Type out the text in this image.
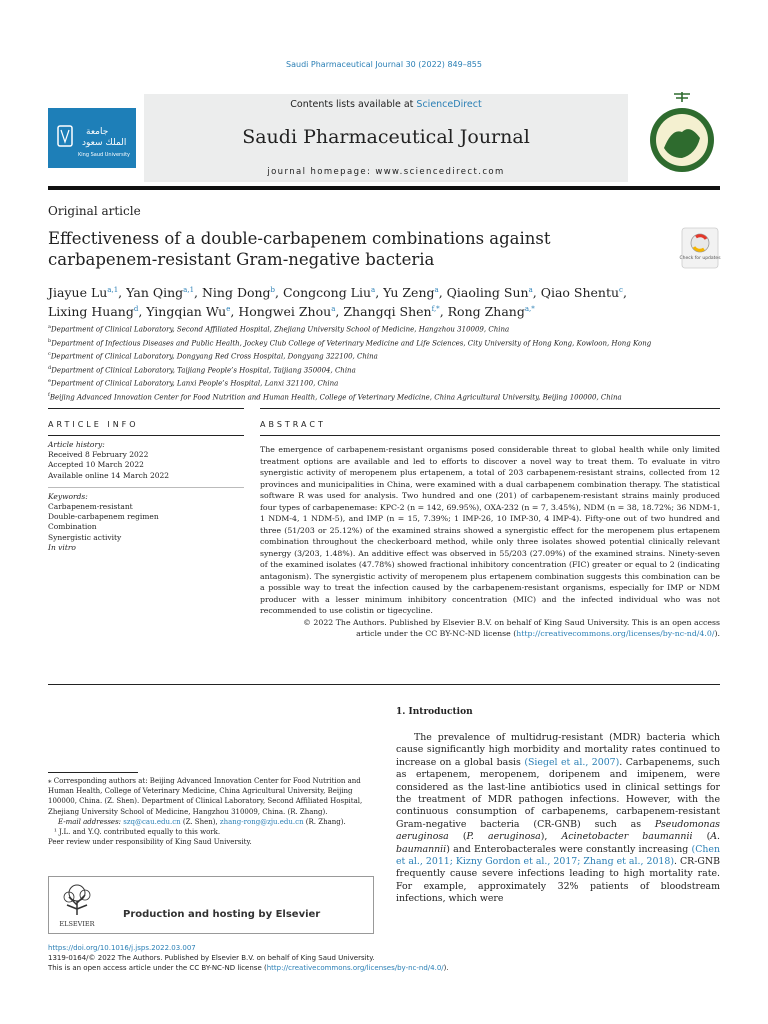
Saudi Pharmaceutical Journal 30 (2022) 849–855
جامعة
الملك سعود
King Saud University
Contents lists available at ScienceDirect
Saudi Pharmaceutical Journal
journal homepage: www.sciencedirect.com
Original article
Effectiveness of a double-carbapenem combinations against carbapenem-resistant Gram-negative bacteria	Check for updates
Jiayue Lu$^{a,1}$, Yan Qing$^{a,1}$, Ning Dong$^b$, Congcong Liu$^a$, Yu Zeng$^a$, Qiaoling Sun$^a$, Qiao Shentu$^c$,
Lixing Huang$^d$, Yingqian Wu$^e$, Hongwei Zhou$^a$, Zhangqi Shen$^{f,*}$, Rong Zhang$^{a,*}$
$^a$Department of Clinical Laboratory, Second Affiliated Hospital, Zhejiang University School of Medicine, Hangzhou 310009, China
$^b$Department of Infectious Diseases and Public Health, Jockey Club College of Veterinary Medicine and Life Sciences, City University of Hong Kong, Kowloon, Hong Kong
$^c$Department of Clinical Laboratory, Dongyang Red Cross Hospital, Dongyang 322100, China
$^d$Department of Clinical Laboratory, Taijiang People’s Hospital, Taijiang 350004, China
$^e$Department of Clinical Laboratory, Lanxi People’s Hospital, Lanxi 321100, China
$^f$Beijing Advanced Innovation Center for Food Nutrition and Human Health, College of Veterinary Medicine, China Agricultural University, Beijing 100000, China
ARTICLE INFO
Article history:
Received 8 February 2022
Accepted 10 March 2022
Available online 14 March 2022
Keywords:
Carbapenem-resistant
Double-carbapenem regimen
Combination
Synergistic activity
In vitro
ABSTRACT
The emergence of carbapenem-resistant organisms posed considerable threat to global health while only limited treatment options are available and led to efforts to discover a novel way to treat them. To evaluate in vitro synergistic activity of meropenem plus ertapenem, a total of 203 carbapenem-resistant strains, collected from 12 provinces and municipalities in China, were examined with a dual carbapenem combination therapy. The statistical software R was used for analysis. Two hundred and one (201) of carbapenem-resistant strains mainly produced four types of carbapenemase: KPC-2 (n = 142, 69.95%), OXA-232 (n = 7, 3.45%), NDM (n = 38, 18.72%; 36 NDM-1, 1 NDM-4, 1 NDM-5), and IMP (n = 15, 7.39%; 1 IMP-26, 10 IMP-30, 4 IMP-4). Fifty-one out of two hundred and three (51/203 or 25.12%) of the examined strains showed a synergistic effect for the meropenem plus ertapenem combination throughout the checkerboard method, while only three isolates showed potential clinically relevant synergy (3/203, 1.48%). An additive effect was observed in 55/203 (27.09%) of the examined strains. Ninety-seven of the examined isolates (47.78%) showed fractional inhibitory concentration (FIC) greater or equal to 2 (indicating antagonism). The synergistic activity of meropenem plus ertapenem combination suggests this combination can be a possible way to treat the infection caused by the carbapenem-resistant organisms, especially for IMP or NDM producer with a lesser minimum inhibitory concentration (MIC) and the infected individual who was not recommended to use colistin or tigecycline.
© 2022 The Authors. Published by Elsevier B.V. on behalf of King Saud University. This is an open access
article under the CC BY-NC-ND license (http://creativecommons.org/licenses/by-nc-nd/4.0/).
1. Introduction
The prevalence of multidrug-resistant (MDR) bacteria which cause significantly high morbidity and mortality rates continued to increase on a global basis (Siegel et al., 2007). Carbapenems, such as ertapenem, meropenem, doripenem and imipenem, were considered as the last-line antibiotics used in clinical settings for the treatment of MDR pathogen infections. However, with the continuous consumption of carbapenems, carbapenem-resistant Gram-negative bacteria (CR-GNB) such as Pseudomonas aeruginosa (P. aeruginosa), Acinetobacter baumannii (A. baumannii) and Enterobacterales were constantly increasing (Chen et al., 2011; Kizny Gordon et al., 2017; Zhang et al., 2018). CR-GNB frequently cause severe infections leading to high mortality rate. For example, approximately 32% patients of bloodstream infections, which were

⁎ Corresponding authors at: Beijing Advanced Innovation Center for Food Nutrition and Human Health, College of Veterinary Medicine, China Agricultural University, Beijing 100000, China. (Z. Shen). Department of Clinical Laboratory, Second Affiliated Hospital, Zhejiang University School of Medicine, Hangzhou 310009, China. (R. Zhang).

E-mail addresses: szq@cau.edu.cn (Z. Shen), zhang-rong@zju.edu.cn (R. Zhang).

¹ J.L. and Y.Q. contributed equally to this work.

Peer review under responsibility of King Saud University.

ELSEVIER
Production and hosting by Elsevier
https://doi.org/10.1016/j.jsps.2022.03.007
1319-0164/© 2022 The Authors. Published by Elsevier B.V. on behalf of King Saud University.
This is an open access article under the CC BY-NC-ND license (http://creativecommons.org/licenses/by-nc-nd/4.0/).
